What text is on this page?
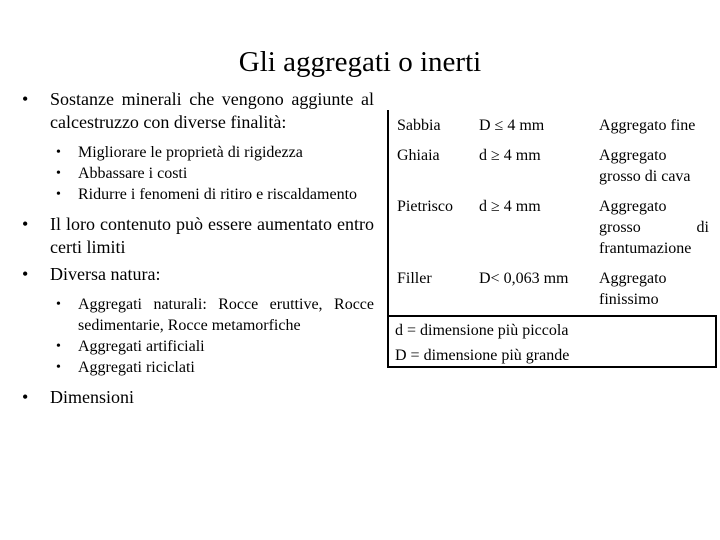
Gli aggregati o inerti
• Sostanze minerali che vengono aggiunte al calcestruzzo con diverse finalità:
• Migliorare le proprietà di rigidezza
• Abbassare i costi
• Ridurre i fenomeni di ritiro e riscaldamento
• Il loro contenuto può essere aumentato entro certi limiti
• Diversa natura:
• Aggregati naturali: Rocce eruttive, Rocce sedimentarie, Rocce metamorfiche
• Aggregati artificiali
• Aggregati riciclati
• Dimensioni
Sabbia	D ≤ 4 mm	Aggregato fine
Ghiaia	d ≥ 4 mm	Aggregato grosso di cava
Pietrisco	d ≥ 4 mm	Aggregato grosso di frantumazione
Filler	D< 0,063 mm	Aggregato finissimo
d = dimensione più piccola
D = dimensione più grande
